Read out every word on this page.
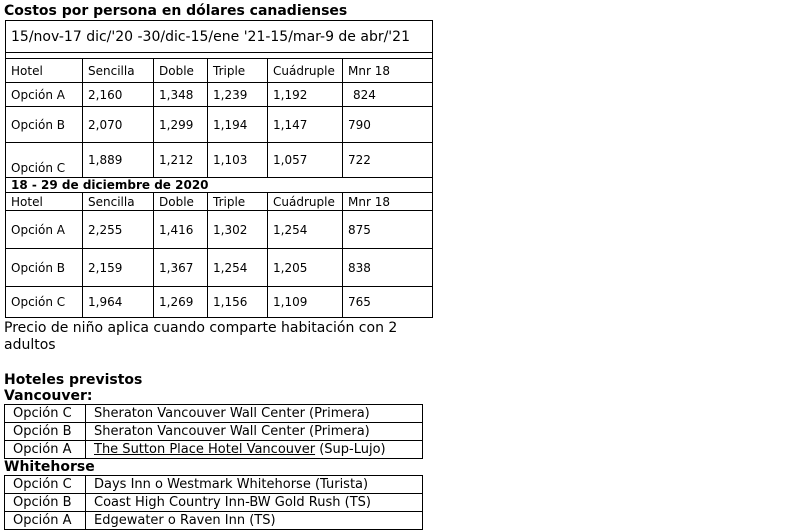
Costos por persona en dólares canadienses
15/nov-17 dic/'20 -30/dic-15/ene '21-15/mar-9 de abr/'21					

Hotel	Sencilla	Doble	Triple	Cuádruple	Mnr 18
Opción A	2,160	1,348	1,239	1,192	824
Opción B	2,070	1,299	1,194	1,147	790
Opción C	1,889	1,212	1,103	1,057	722
18 - 29 de diciembre de 2020					
Hotel	Sencilla	Doble	Triple	Cuádruple	Mnr 18
Opción A	2,255	1,416	1,302	1,254	875
Opción B	2,159	1,367	1,254	1,205	838
Opción C	1,964	1,269	1,156	1,109	765
Precio de niño aplica cuando comparte habitación con 2 adultos
Hoteles previstos
Vancouver:
Opción C	Sheraton Vancouver Wall Center (Primera)
Opción B	Sheraton Vancouver Wall Center (Primera)
Opción A	The Sutton Place Hotel Vancouver (Sup-Lujo)
Whitehorse
Opción C	Days Inn o Westmark Whitehorse (Turista)
Opción B	Coast High Country Inn-BW Gold Rush (TS)
Opción A	Edgewater o Raven Inn (TS)
